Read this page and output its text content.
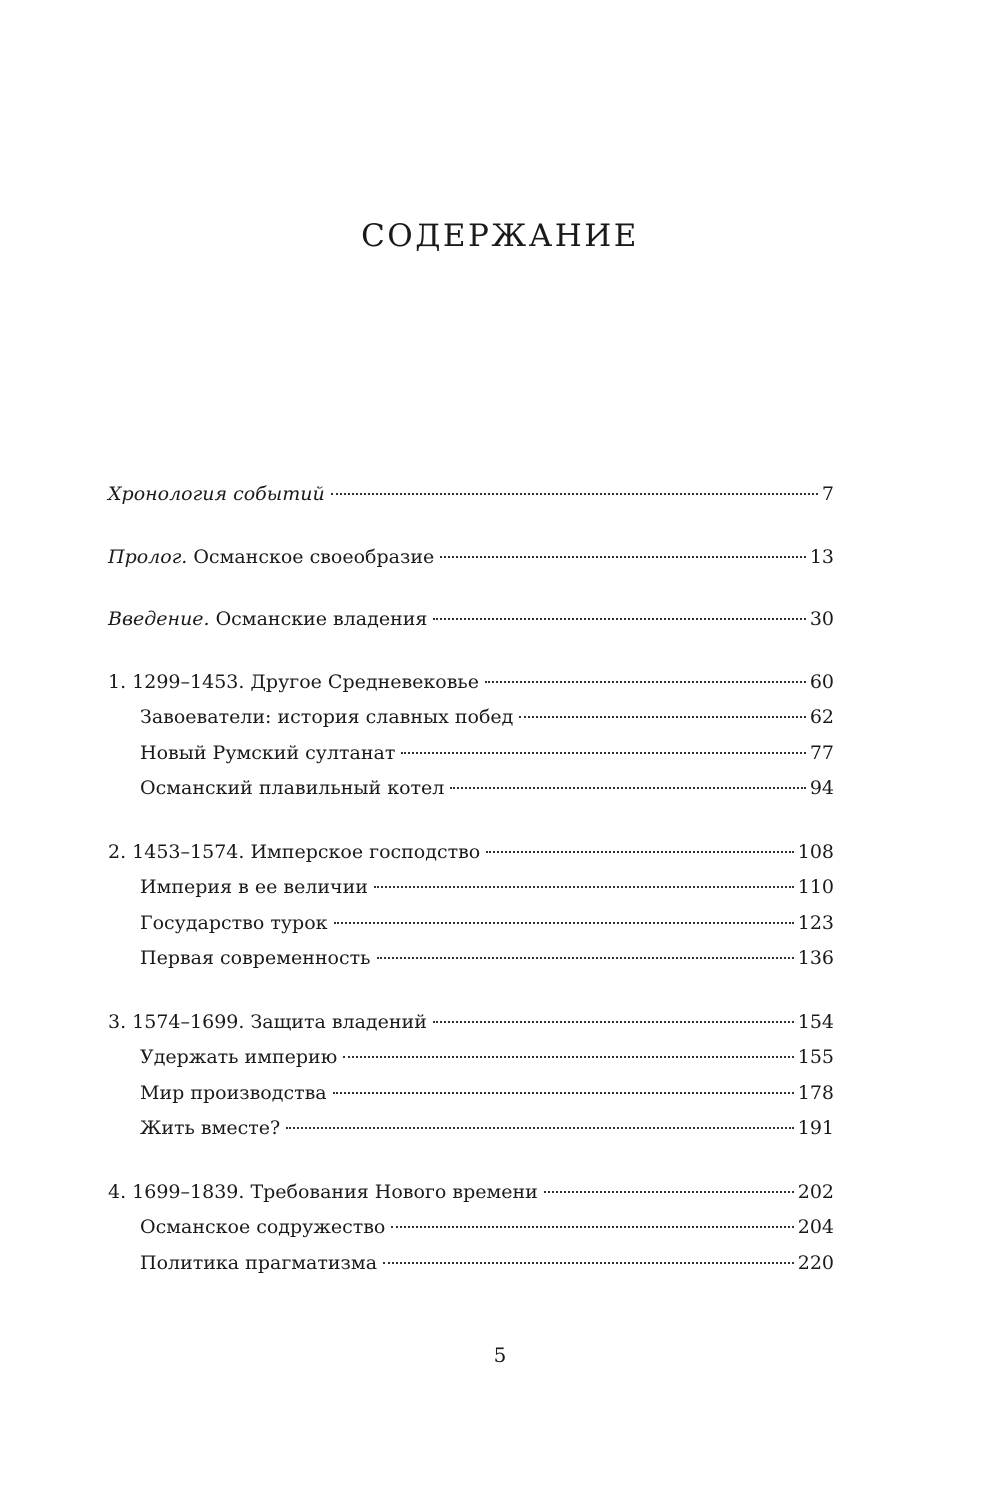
СОДЕРЖАНИЕ
Хронология событий	7
Пролог. Османское своеобразие	13
Введение. Османские владения	30
1. 1299–1453. Другое Средневековье	60
Завоеватели: история славных побед	62
Новый Румский султанат	77
Османский плавильный котел	94
2. 1453–1574. Имперское господство	108
Империя в ее величии	110
Государство турок	123
Первая современность	136
3. 1574–1699. Защита владений	154
Удержать империю	155
Мир производства	178
Жить вместе?	191
4. 1699–1839. Требования Нового времени	202
Османское содружество	204
Политика прагматизма	220
5
